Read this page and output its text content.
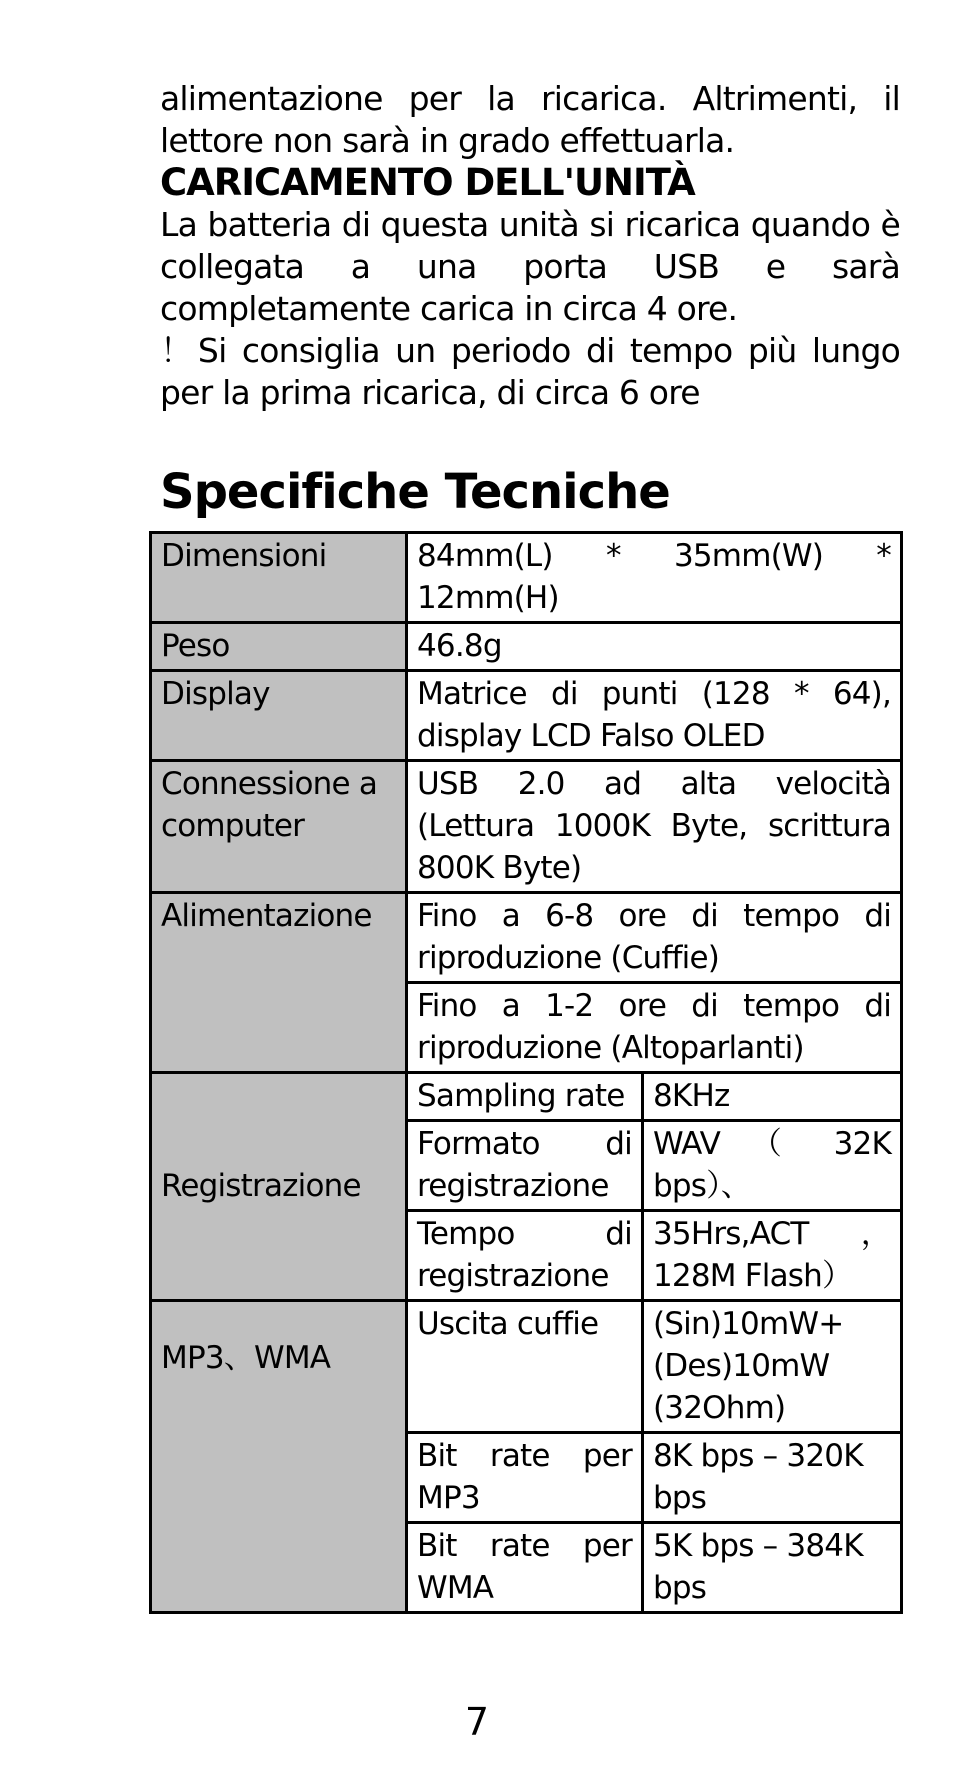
alimentazione per la ricarica. Altrimenti, il

lettore non sarà in grado effettuarla.

CARICAMENTO DELL'UNITÀ

La batteria di questa unità si ricarica quando è collegata a una porta USB e sarà completamente carica in circa 4 ore.

！Si consiglia un periodo di tempo più lungo per la prima ricarica, di circa 6 ore

Specifiche Tecniche
Dimensioni	84mm(L) * 35mm(W) * 12mm(H)	
Peso	46.8g	
Display	Matrice di punti (128 * 64), display LCD Falso OLED	
Connessione a computer	USB 2.0 ad alta velocità (Lettura 1000K Byte, scrittura 800K Byte)	
Alimentazione	Fino a 6-8 ore di tempo di riproduzione (Cuffie)	
	Fino a 1-2 ore di tempo di riproduzione (Altoparlanti)	
Registrazione	Sampling rate	8KHz
	Formato di registrazione	WAV （ 32K bps）、
	Tempo di registrazione	35Hrs,ACT ， 128M Flash）

MP3、WMA	Uscita cuffie	(Sin)10mW+ (Des)10mW (32Ohm)
	Bit rate per MP3	8K bps – 320K bps
	Bit rate per WMA	5K bps – 384K bps
7
